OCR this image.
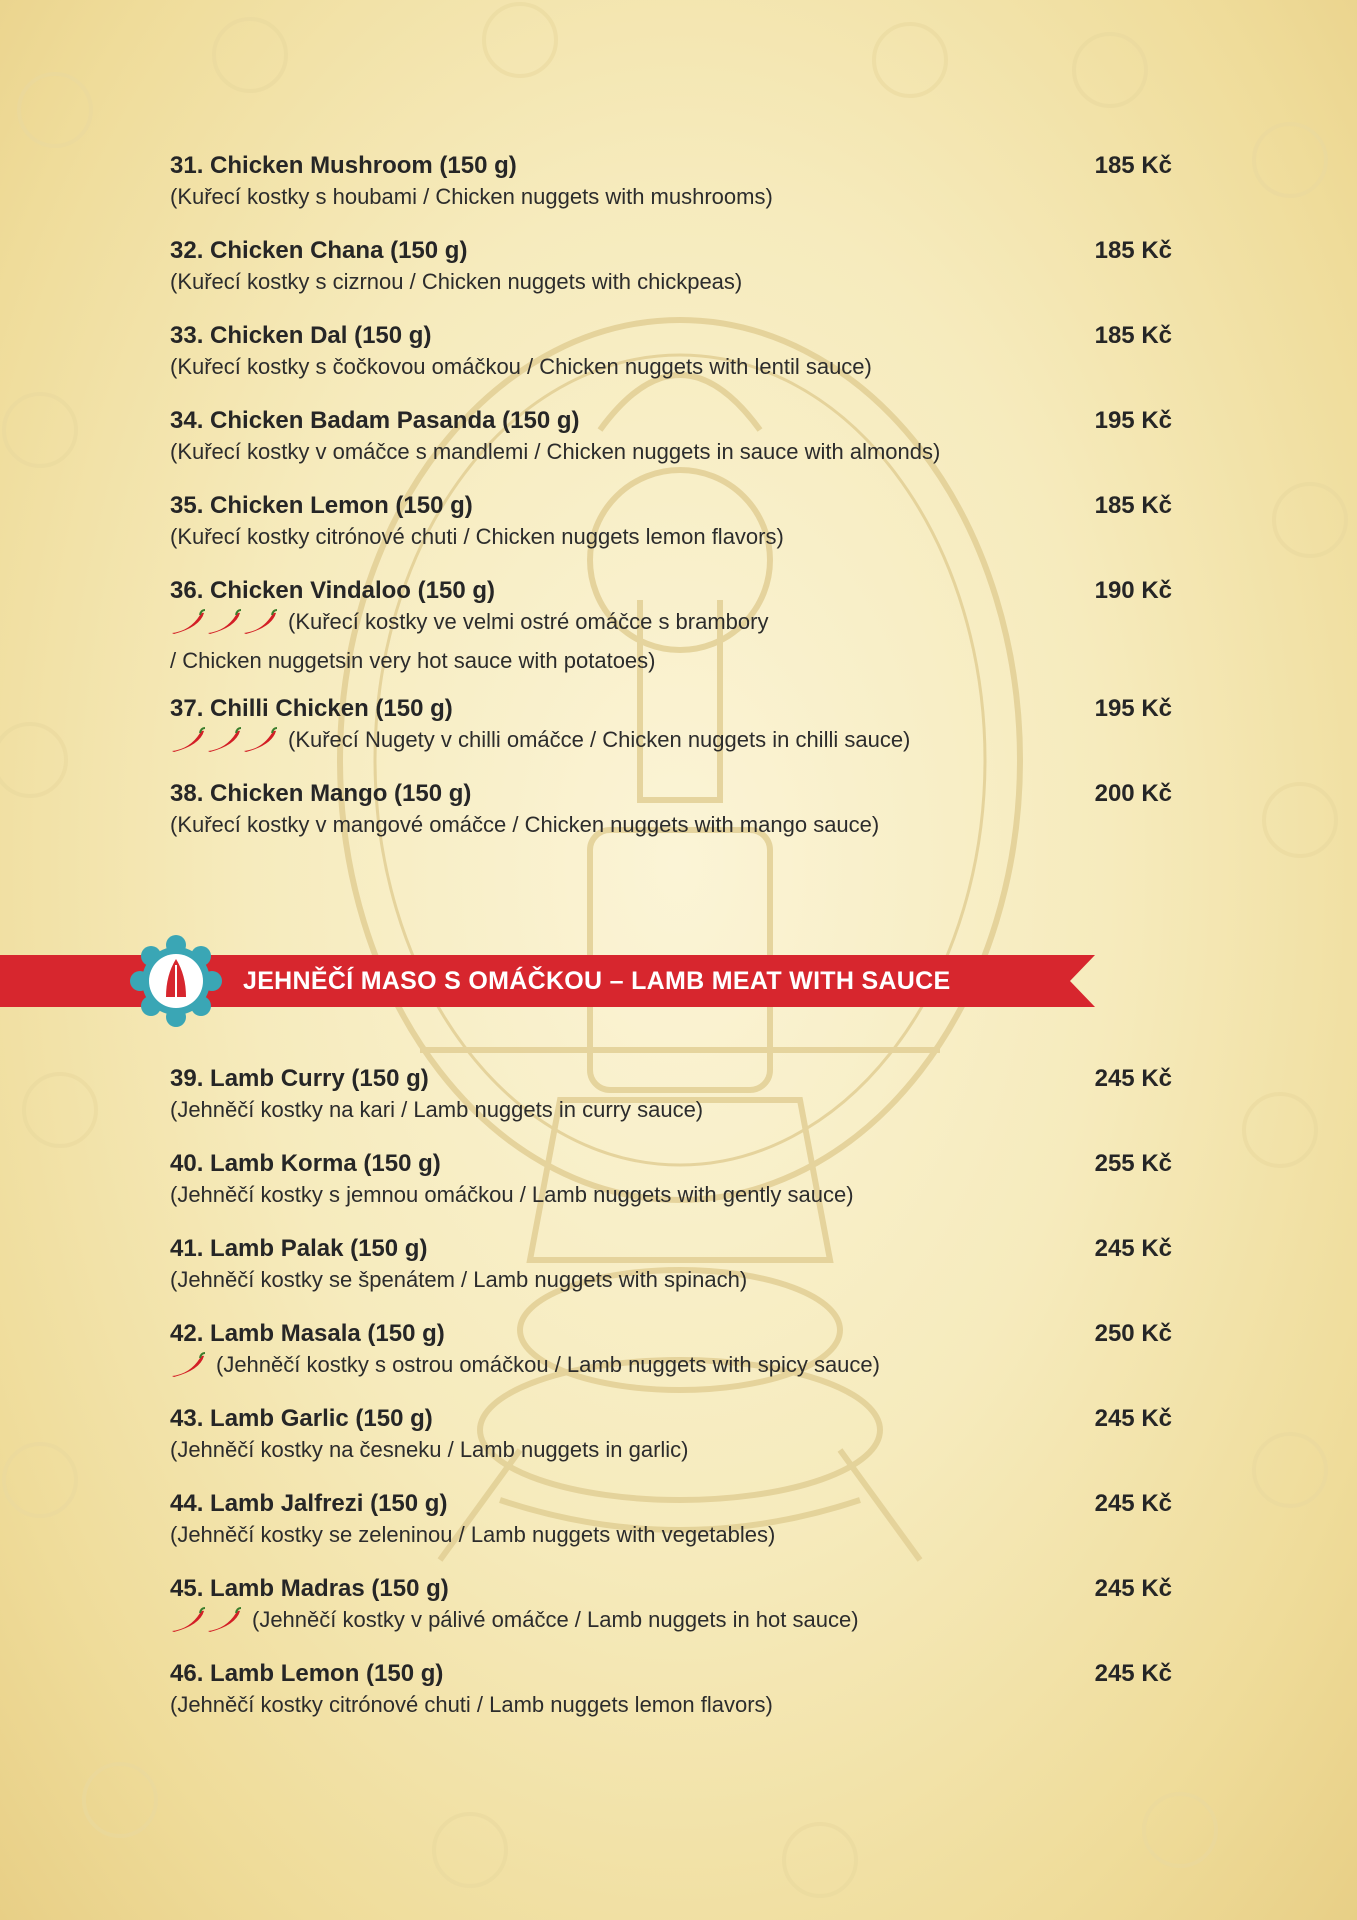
31. Chicken Mushroom (150 g)	185 Kč
(Kuřecí kostky s houbami / Chicken nuggets with mushrooms)
32. Chicken Chana (150 g)	185 Kč
(Kuřecí kostky s cizrnou / Chicken nuggets with chickpeas)
33. Chicken Dal (150 g)	185 Kč
(Kuřecí kostky s čočkovou omáčkou / Chicken nuggets with lentil sauce)
34. Chicken Badam Pasanda (150 g)	195 Kč
(Kuřecí kostky v omáčce s mandlemi / Chicken nuggets in sauce with almonds)
35. Chicken Lemon (150 g)	185 Kč
(Kuřecí kostky citrónové chuti / Chicken nuggets lemon flavors)
36. Chicken Vindaloo (150 g)	190 Kč
(Kuřecí kostky ve velmi ostré omáčce s brambory
/ Chicken nuggetsin very hot sauce with potatoes)
37. Chilli Chicken (150 g)	195 Kč
(Kuřecí Nugety v chilli omáčce / Chicken nuggets in chilli sauce)
38. Chicken Mango (150 g)	200 Kč
(Kuřecí kostky v mangové omáčce / Chicken nuggets with mango sauce)
39. Lamb Curry (150 g)	245 Kč
(Jehněčí kostky na kari / Lamb nuggets in curry sauce)
40. Lamb Korma (150 g)	255 Kč
(Jehněčí kostky s jemnou omáčkou / Lamb nuggets with gently sauce)
41. Lamb Palak (150 g)	245 Kč
(Jehněčí kostky se špenátem / Lamb nuggets with spinach)
42. Lamb Masala (150 g)	250 Kč
(Jehněčí kostky s ostrou omáčkou / Lamb nuggets with spicy sauce)
43. Lamb Garlic (150 g)	245 Kč
(Jehněčí kostky na česneku / Lamb nuggets in garlic)
44. Lamb Jalfrezi (150 g)	245 Kč
(Jehněčí kostky se zeleninou / Lamb nuggets with vegetables)
45. Lamb Madras (150 g)	245 Kč
(Jehněčí kostky v pálivé omáčce / Lamb nuggets in hot sauce)
46. Lamb Lemon (150 g)	245 Kč
(Jehněčí kostky citrónové chuti / Lamb nuggets lemon flavors)
JEHNĚČÍ MASO S OMÁČKOU – LAMB MEAT WITH SAUCE
